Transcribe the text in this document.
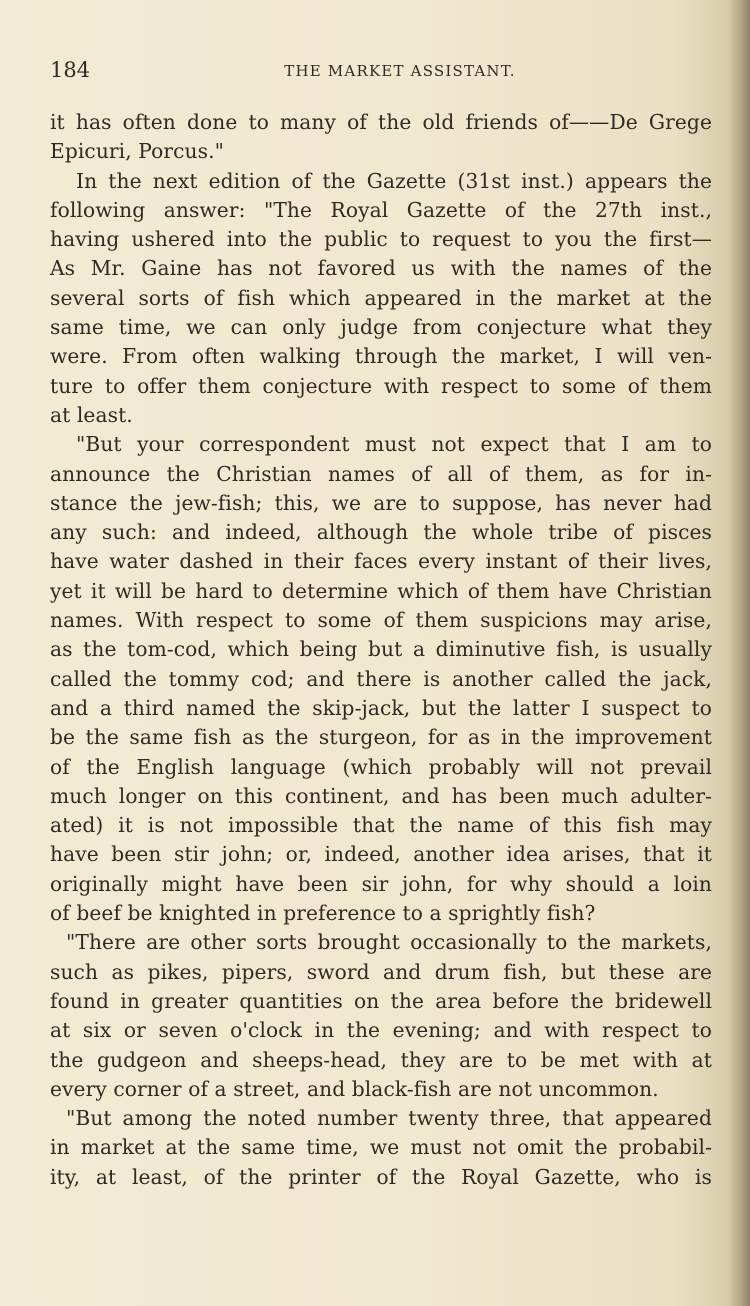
184	THE MARKET ASSISTANT.
it has often done to many of the old friends of——De Grege
Epicuri, Porcus."
In the next edition of the Gazette (31st inst.) appears the
following answer: "The Royal Gazette of the 27th inst.,
having ushered into the public to request to you the first—
As Mr. Gaine has not favored us with the names of the
several sorts of fish which appeared in the market at the
same time, we can only judge from conjecture what they
were. From often walking through the market, I will ven-
ture to offer them conjecture with respect to some of them
at least.
"But your correspondent must not expect that I am to
announce the Christian names of all of them, as for in-
stance the jew-fish; this, we are to suppose, has never had
any such: and indeed, although the whole tribe of pisces
have water dashed in their faces every instant of their lives,
yet it will be hard to determine which of them have Christian
names. With respect to some of them suspicions may arise,
as the tom-cod, which being but a diminutive fish, is usually
called the tommy cod; and there is another called the jack,
and a third named the skip-jack, but the latter I suspect to
be the same fish as the sturgeon, for as in the improvement
of the English language (which probably will not prevail
much longer on this continent, and has been much adulter-
ated) it is not impossible that the name of this fish may
have been stir john; or, indeed, another idea arises, that it
originally might have been sir john, for why should a loin
of beef be knighted in preference to a sprightly fish?
"There are other sorts brought occasionally to the markets,
such as pikes, pipers, sword and drum fish, but these are
found in greater quantities on the area before the bridewell
at six or seven o'clock in the evening; and with respect to
the gudgeon and sheeps-head, they are to be met with at
every corner of a street, and black-fish are not uncommon.
"But among the noted number twenty three, that appeared
in market at the same time, we must not omit the probabil-
ity, at least, of the printer of the Royal Gazette, who is
